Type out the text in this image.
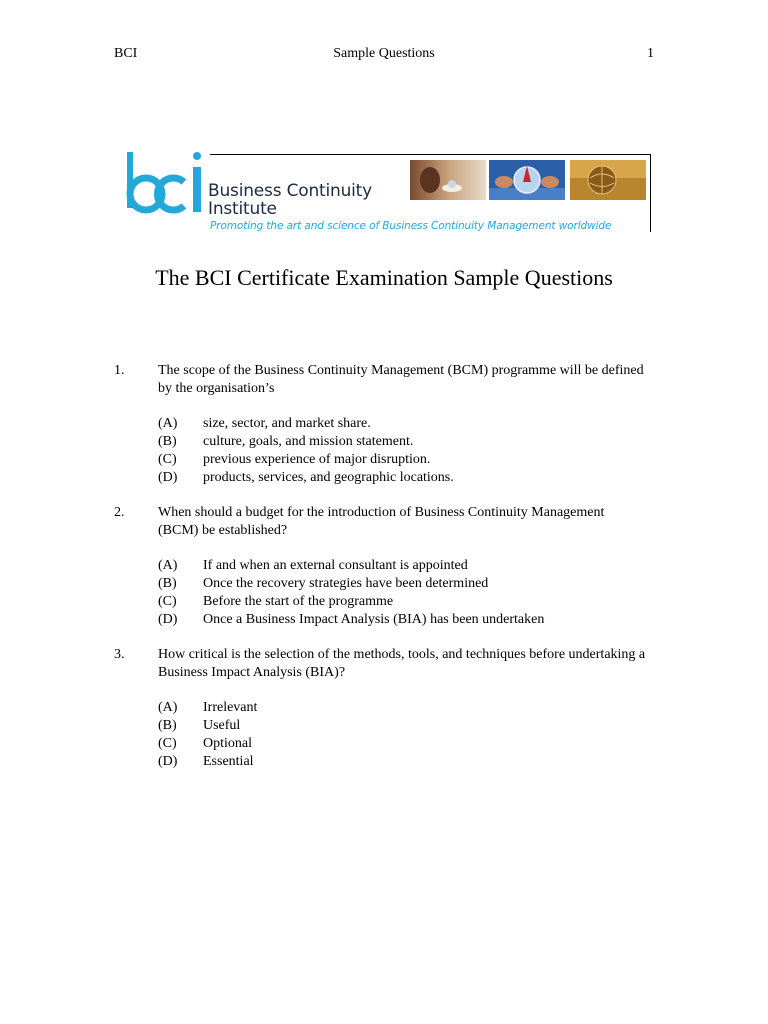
BCI	Sample Questions	1
Business Continuity
Institute
Promoting the art and science of Business Continuity Management worldwide
The BCI Certificate Examination Sample Questions
1. The scope of the Business Continuity Management (BCM) programme will be defined by the organisation’s
(A) size, sector, and market share.
(B) culture, goals, and mission statement.
(C) previous experience of major disruption.
(D) products, services, and geographic locations.
2. When should a budget for the introduction of Business Continuity Management (BCM) be established?
(A) If and when an external consultant is appointed
(B) Once the recovery strategies have been determined
(C) Before the start of the programme
(D) Once a Business Impact Analysis (BIA) has been undertaken
3. How critical is the selection of the methods, tools, and techniques before undertaking a Business Impact Analysis (BIA)?
(A) Irrelevant
(B) Useful
(C) Optional
(D) Essential
